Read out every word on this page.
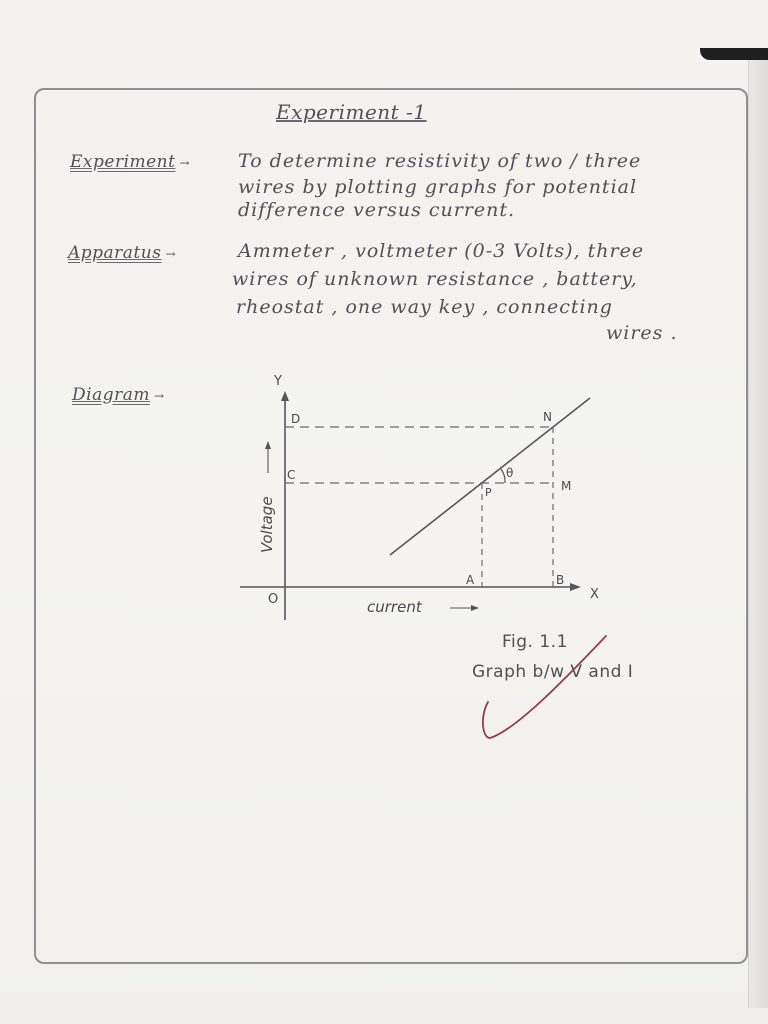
Experiment -1
Experiment →	To determine resistivity of two / three
wires by plotting graphs for potential
difference versus current.
Apparatus →	Ammeter , voltmeter (0-3 Volts), three
wires of unknown resistance , battery,
rheostat , one way key , connecting
wires .
Diagram →
Y
X
O
θ
D
C
N
M
P
A	B
Voltage
current
Fig. 1.1
Graph b/w V and I
